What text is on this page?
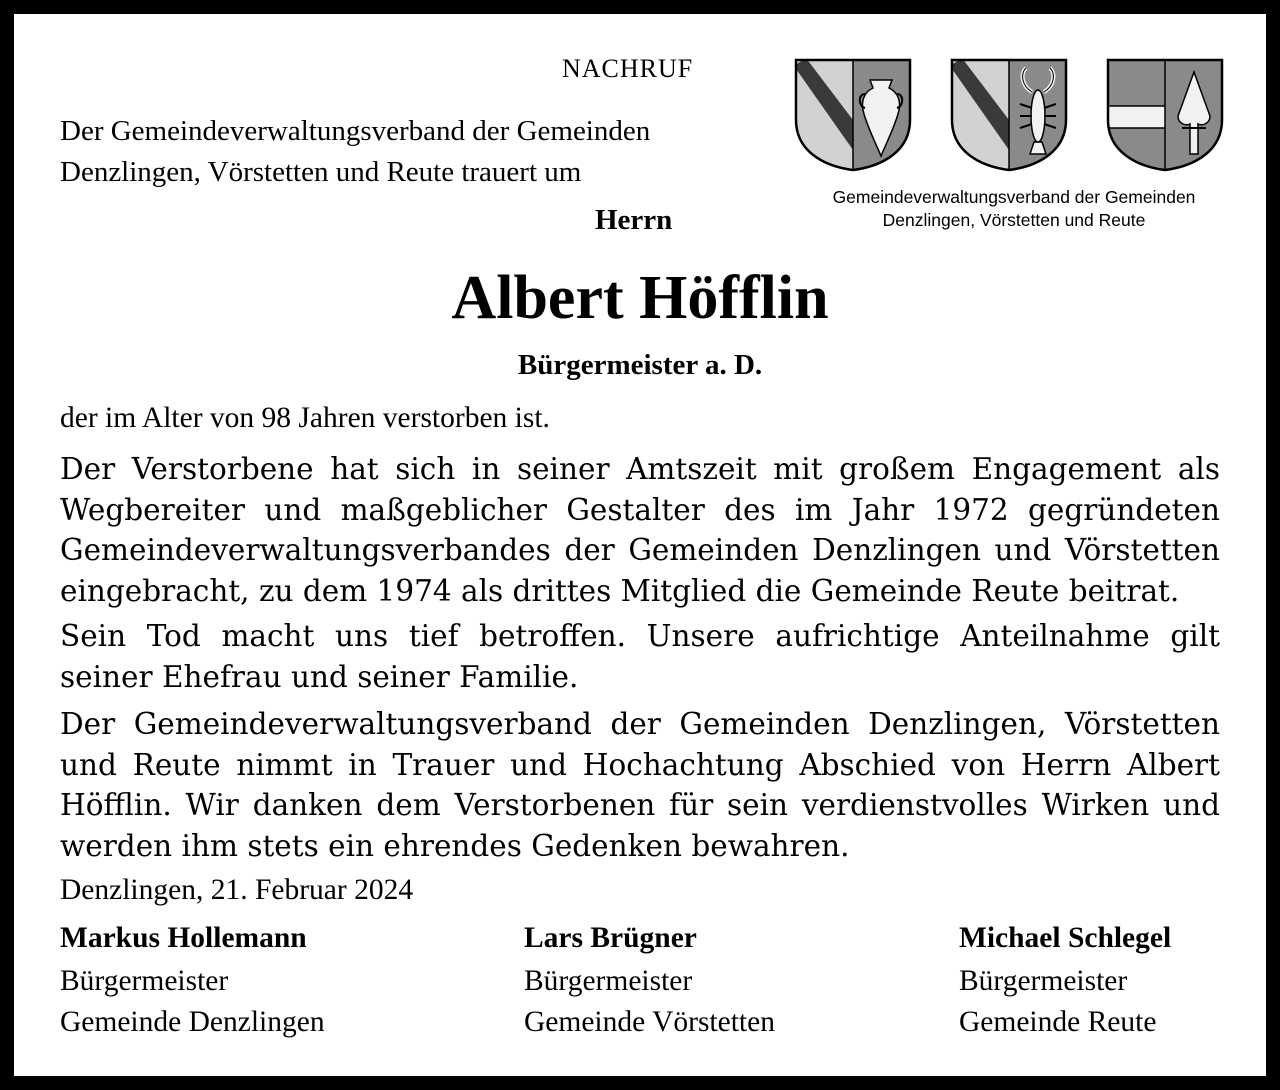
NACHRUF

Der Gemeindeverwaltungsverband der Gemeinden

Denzlingen, Vörstetten und Reute trauert um

Herrn

Albert Höfflin

Bürgermeister a. D.

der im Alter von 98 Jahren verstorben ist.

Der Verstorbene hat sich in seiner Amtszeit mit großem Engagement als Wegbereiter und maßgeblicher Gestalter des im Jahr 1972 gegründeten Gemeindeverwaltungsverbandes der Gemeinden Denzlingen und Vörstetten eingebracht, zu dem 1974 als drittes Mitglied die Gemeinde Reute beitrat.

Sein Tod macht uns tief betroffen. Unsere aufrichtige Anteilnahme gilt seiner Ehefrau und seiner Familie.

Der Gemeindeverwaltungsverband der Gemeinden Denzlingen, Vörstetten und Reute nimmt in Trauer und Hochachtung Abschied von Herrn Albert Höfflin. Wir danken dem Verstorbenen für sein verdienstvolles Wirken und werden ihm stets ein ehrendes Gedenken bewahren.

Denzlingen, 21. Februar 2024

Gemeindeverwaltungsverband der Gemeinden
Denzlingen, Vörstetten und Reute

Markus Hollemann

Bürgermeister

Gemeinde Denzlingen

Lars Brügner

Bürgermeister

Gemeinde Vörstetten

Michael Schlegel

Bürgermeister

Gemeinde Reute
